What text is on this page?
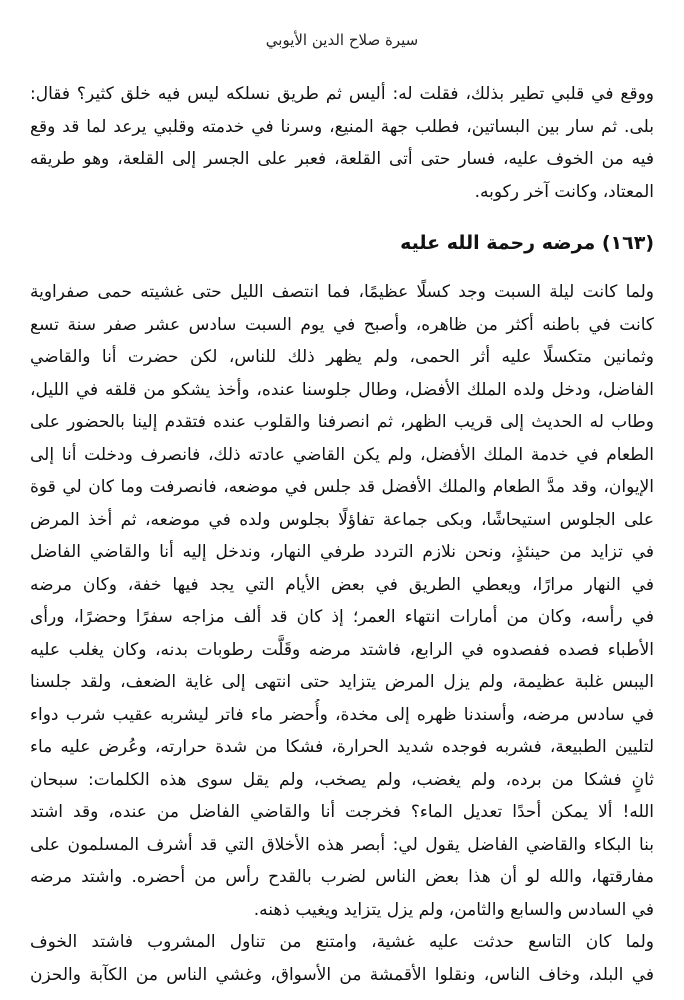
سيرة صلاح الدين الأيوبي
ووقع في قلبي تطير بذلك، فقلت له: أليس ثم طريق نسلكه ليس فيه خلق كثير؟ فقال:
بلى. ثم سار بين البساتين، فطلب جهة المنيع، وسرنا في خدمته وقلبي يرعد لما قد وقع
فيه من الخوف عليه، فسار حتى أتى القلعة، فعبر على الجسر إلى القلعة، وهو طريقه
المعتاد، وكانت آخر ركوبه.
(١٦٣) مرضه رحمة الله عليه
ولما كانت ليلة السبت وجد كسلًا عظيمًا، فما انتصف الليل حتى غشيته حمى صفراوية
كانت في باطنه أكثر من ظاهره، وأصبح في يوم السبت سادس عشر صفر سنة تسع
وثمانين متكسلًا عليه أثر الحمى، ولم يظهر ذلك للناس، لكن حضرت أنا والقاضي
الفاضل، ودخل ولده الملك الأفضل، وطال جلوسنا عنده، وأخذ يشكو من قلقه في الليل،
وطاب له الحديث إلى قريب الظهر، ثم انصرفنا والقلوب عنده فتقدم إلينا بالحضور على
الطعام في خدمة الملك الأفضل، ولم يكن القاضي عادته ذلك، فانصرف ودخلت أنا إلى
الإيوان، وقد مدَّ الطعام والملك الأفضل قد جلس في موضعه، فانصرفت وما كان لي قوة
على الجلوس استيحاشًا، وبكى جماعة تفاؤلًا بجلوس ولده في موضعه، ثم أخذ المرض
في تزايد من حينئذٍ، ونحن نلازم التردد طرفي النهار، وندخل إليه أنا والقاضي الفاضل
في النهار مرارًا، ويعطي الطريق في بعض الأيام التي يجد فيها خفة، وكان مرضه
في رأسه، وكان من أمارات انتهاء العمر؛ إذ كان قد ألف مزاجه سفرًا وحضرًا، ورأى
الأطباء فصده ففصدوه في الرابع، فاشتد مرضه وقَلَّت رطوبات بدنه، وكان يغلب عليه
اليبس غلبة عظيمة، ولم يزل المرض يتزايد حتى انتهى إلى غاية الضعف، ولقد جلسنا
في سادس مرضه، وأسندنا ظهره إلى مخدة، وأُحضر ماء فاتر ليشربه عقيب شرب دواء
لتليين الطبيعة، فشربه فوجده شديد الحرارة، فشكا من شدة حرارته، وعُرض عليه ماء
ثانٍ فشكا من برده، ولم يغضب، ولم يصخب، ولم يقل سوى هذه الكلمات: سبحان
الله! ألا يمكن أحدًا تعديل الماء؟ فخرجت أنا والقاضي الفاضل من عنده، وقد اشتد
بنا البكاء والقاضي الفاضل يقول لي: أبصر هذه الأخلاق التي قد أشرف المسلمون على
مفارقتها، والله لو أن هذا بعض الناس لضرب بالقدح رأس من أحضره. واشتد مرضه
في السادس والسابع والثامن، ولم يزل يتزايد ويغيب ذهنه.
ولما كان التاسع حدثت عليه غشية، وامتنع من تناول المشروب فاشتد الخوف
في البلد، وخاف الناس، ونقلوا الأقمشة من الأسواق، وغشي الناس من الكآبة والحزن
